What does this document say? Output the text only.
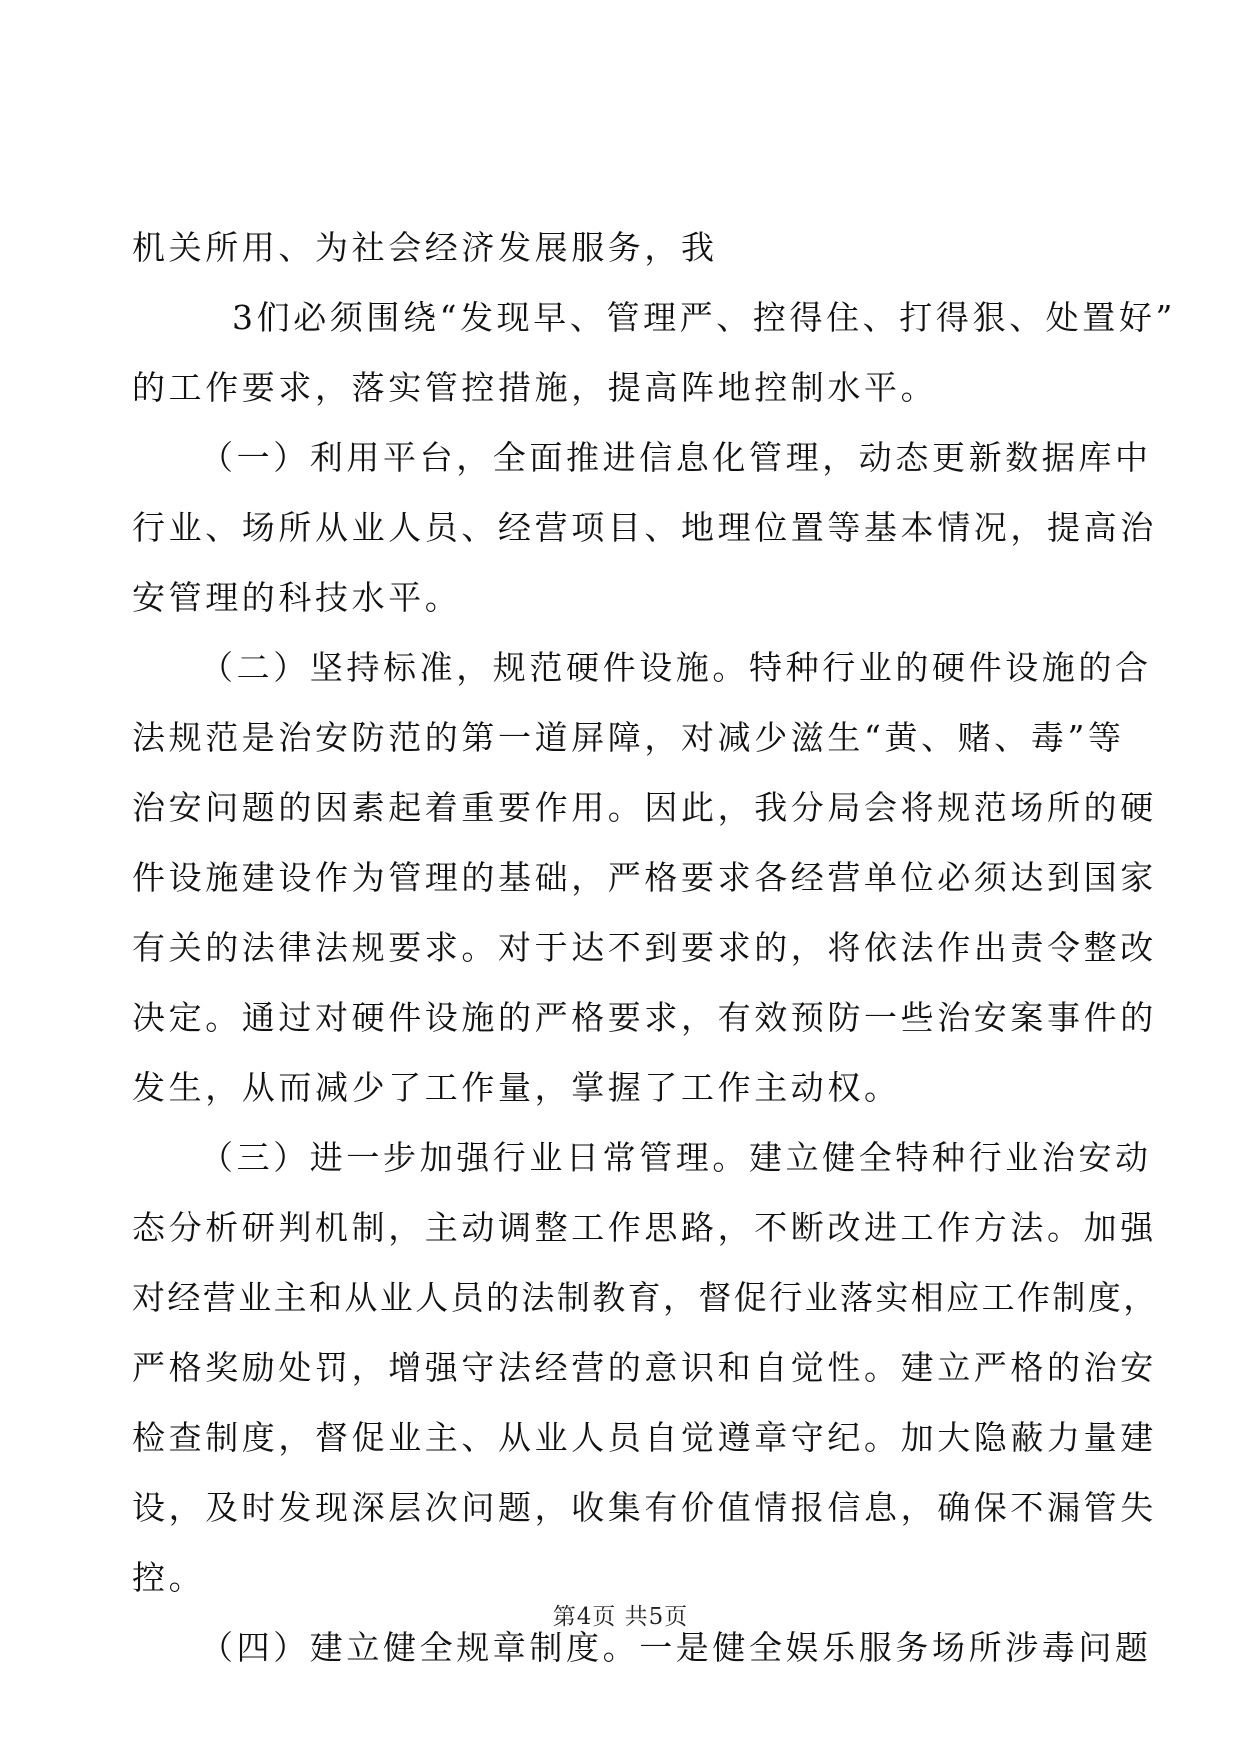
机关所用、为社会经济发展服务，我
3们必须围绕“发现早、管理严、控得住、打得狠、处置好”
的工作要求，落实管控措施，提高阵地控制水平。
（一）利用平台，全面推进信息化管理，动态更新数据库中
行业、场所从业人员、经营项目、地理位置等基本情况，提高治
安管理的科技水平。
（二）坚持标准，规范硬件设施。特种行业的硬件设施的合
法规范是治安防范的第一道屏障，对减少滋生“黄、赌、毒”等
治安问题的因素起着重要作用。因此，我分局会将规范场所的硬
件设施建设作为管理的基础，严格要求各经营单位必须达到国家
有关的法律法规要求。对于达不到要求的，将依法作出责令整改
决定。通过对硬件设施的严格要求，有效预防一些治安案事件的
发生，从而减少了工作量，掌握了工作主动权。
（三）进一步加强行业日常管理。建立健全特种行业治安动
态分析研判机制，主动调整工作思路，不断改进工作方法。加强
对经营业主和从业人员的法制教育，督促行业落实相应工作制度，
严格奖励处罚，增强守法经营的意识和自觉性。建立严格的治安
检查制度，督促业主、从业人员自觉遵章守纪。加大隐蔽力量建
设，及时发现深层次问题，收集有价值情报信息，确保不漏管失
控。
（四）建立健全规章制度。一是健全娱乐服务场所涉毒问题
第4页 共5页
